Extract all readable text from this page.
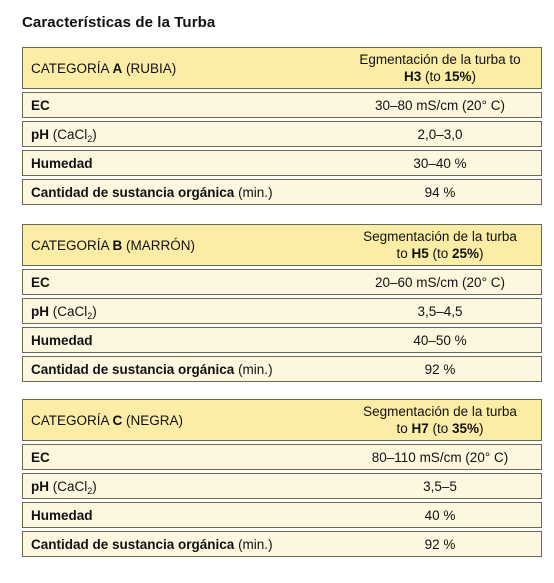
Características de la Turba
CATEGORÍA A (RUBIA)	Egmentación de la turba to
H3 (to 15%)
EC	30–80 mS/cm (20° C)
pH (CaCl$_2$)	2,0–3,0
Humedad	30–40 %
Cantidad de sustancia orgánica (min.)	94 %
CATEGORÍA B (MARRÓN)	Segmentación de la turba
to H5 (to 25%)
EC	20–60 mS/cm (20° C)
pH (CaCl$_2$)	3,5–4,5
Humedad	40–50 %
Cantidad de sustancia orgánica (min.)	92 %
CATEGORÍA C (NEGRA)	Segmentación de la turba
to H7 (to 35%)
EC	80–110 mS/cm (20° C)
pH (CaCl$_2$)	3,5–5
Humedad	40 %
Cantidad de sustancia orgánica (min.)	92 %
